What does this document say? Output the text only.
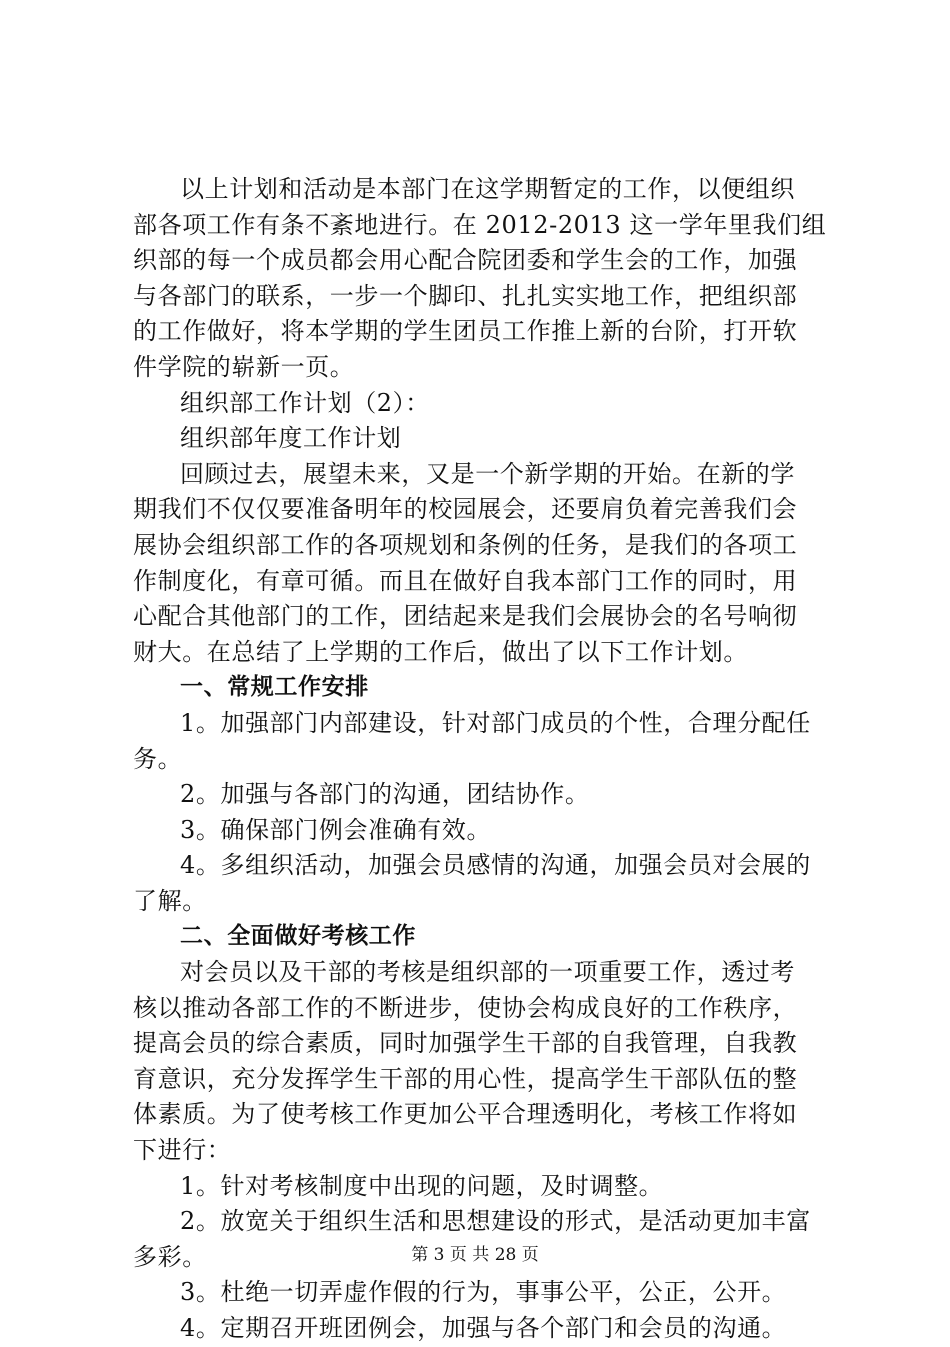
以上计划和活动是本部门在这学期暂定的工作，以便组织
部各项工作有条不紊地进行。在 2012-2013 这一学年里我们组
织部的每一个成员都会用心配合院团委和学生会的工作，加强
与各部门的联系，一步一个脚印、扎扎实实地工作，把组织部
的工作做好，将本学期的学生团员工作推上新的台阶，打开软
件学院的崭新一页。
组织部工作计划（2）：
组织部年度工作计划
回顾过去，展望未来，又是一个新学期的开始。在新的学
期我们不仅仅要准备明年的校园展会，还要肩负着完善我们会
展协会组织部工作的各项规划和条例的任务，是我们的各项工
作制度化，有章可循。而且在做好自我本部门工作的同时，用
心配合其他部门的工作，团结起来是我们会展协会的名号响彻
财大。在总结了上学期的工作后，做出了以下工作计划。
一、常规工作安排
1。加强部门内部建设，针对部门成员的个性，合理分配任
务。
2。加强与各部门的沟通，团结协作。
3。确保部门例会准确有效。
4。多组织活动，加强会员感情的沟通，加强会员对会展的
了解。
二、全面做好考核工作
对会员以及干部的考核是组织部的一项重要工作，透过考
核以推动各部工作的不断进步，使协会构成良好的工作秩序，
提高会员的综合素质，同时加强学生干部的自我管理，自我教
育意识，充分发挥学生干部的用心性，提高学生干部队伍的整
体素质。为了使考核工作更加公平合理透明化，考核工作将如
下进行：
1。针对考核制度中出现的问题，及时调整。
2。放宽关于组织生活和思想建设的形式，是活动更加丰富
多彩。
3。杜绝一切弄虚作假的行为，事事公平，公正，公开。
4。定期召开班团例会，加强与各个部门和会员的沟通。
第 3 页 共 28 页
